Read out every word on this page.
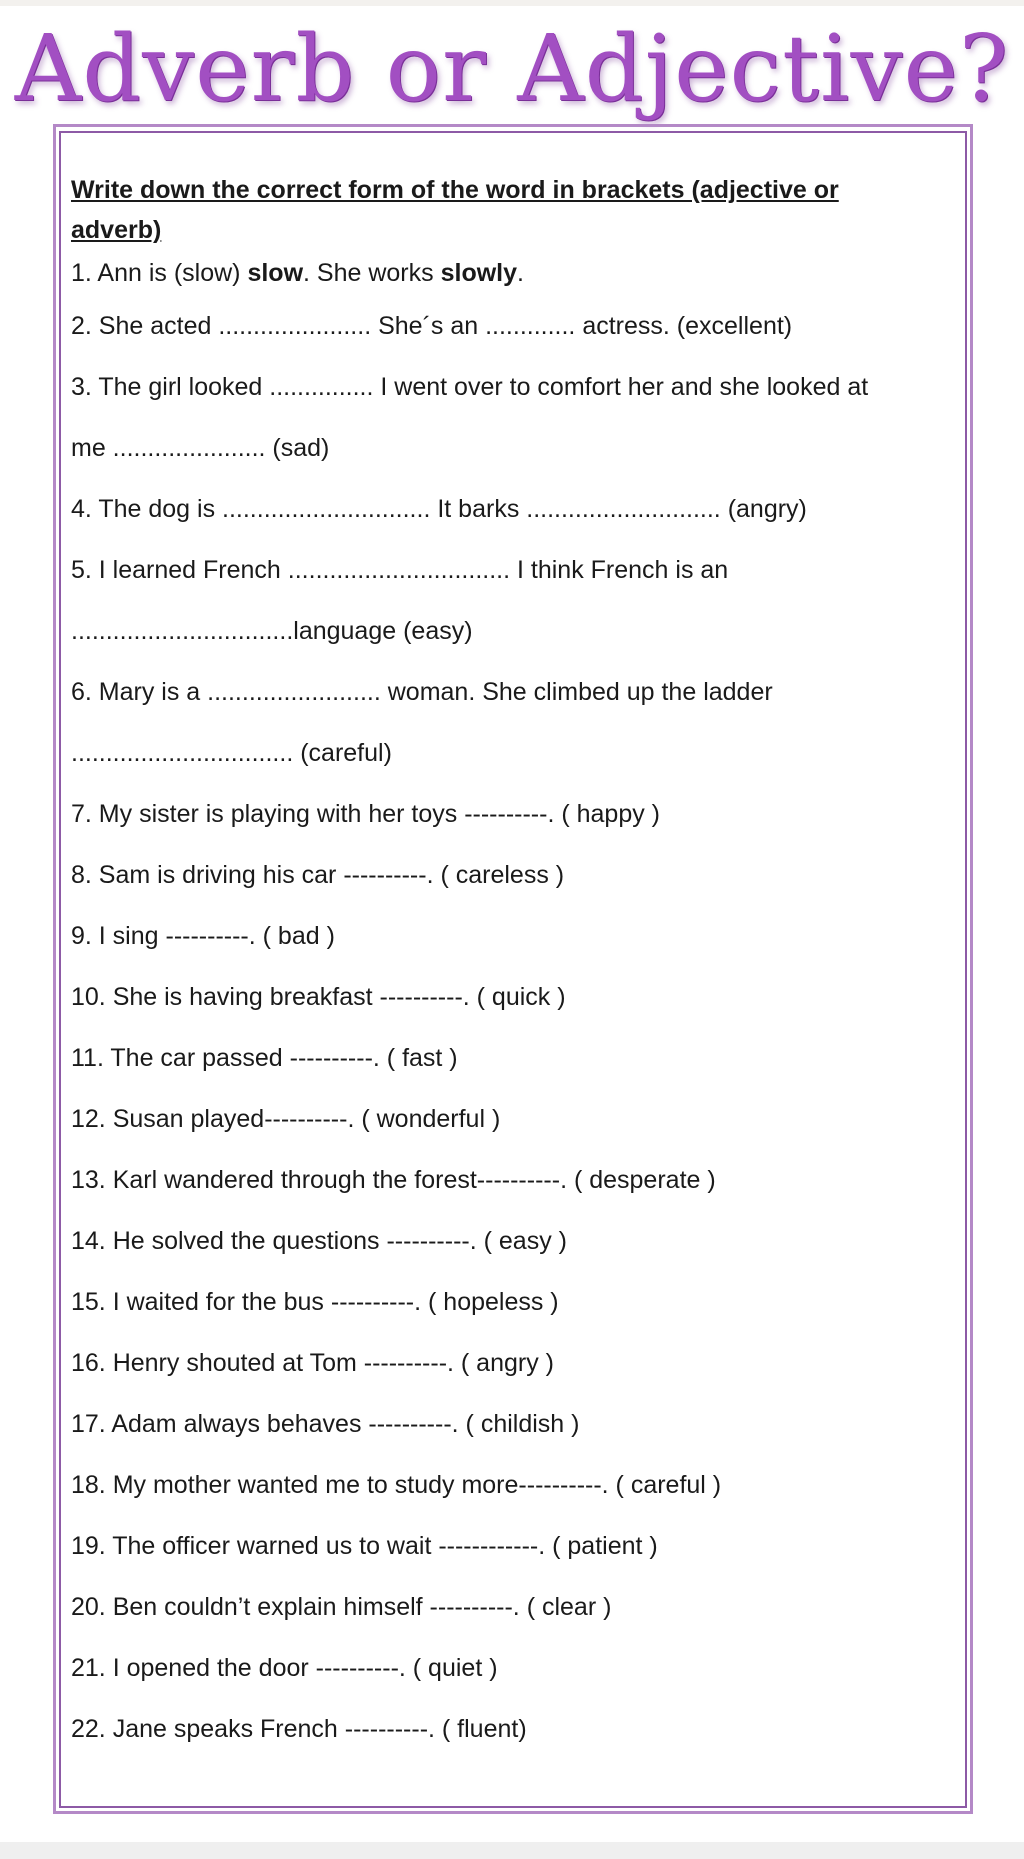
Adverb or Adjective?

Write down the correct form of the word in brackets (adjective or adverb)

1. Ann is (slow) slow. She works slowly.
2. She acted ...................... She´s an ............. actress. (excellent)
3. The girl looked ............... I went over to comfort her and she looked at
me ...................... (sad)
4. The dog is .............................. It barks ............................ (angry)
5. I learned French ................................ I think French is an
................................language (easy)
6. Mary is a ......................... woman. She climbed up the ladder
................................ (careful)
7. My sister is playing with her toys ----------. ( happy )
8. Sam is driving his car ----------. ( careless )
9. I sing ----------. ( bad )
10. She is having breakfast ----------. ( quick )
11. The car passed ----------. ( fast )
12. Susan played----------. ( wonderful )
13. Karl wandered through the forest----------. ( desperate )
14. He solved the questions ----------. ( easy )
15. I waited for the bus ----------. ( hopeless )
16. Henry shouted at Tom ----------. ( angry )
17. Adam always behaves ----------. ( childish )
18. My mother wanted me to study more----------. ( careful )
19. The officer warned us to wait ------------. ( patient )
20. Ben couldn’t explain himself ----------. ( clear )
21. I opened the door ----------. ( quiet )
22. Jane speaks French ----------. ( fluent)
